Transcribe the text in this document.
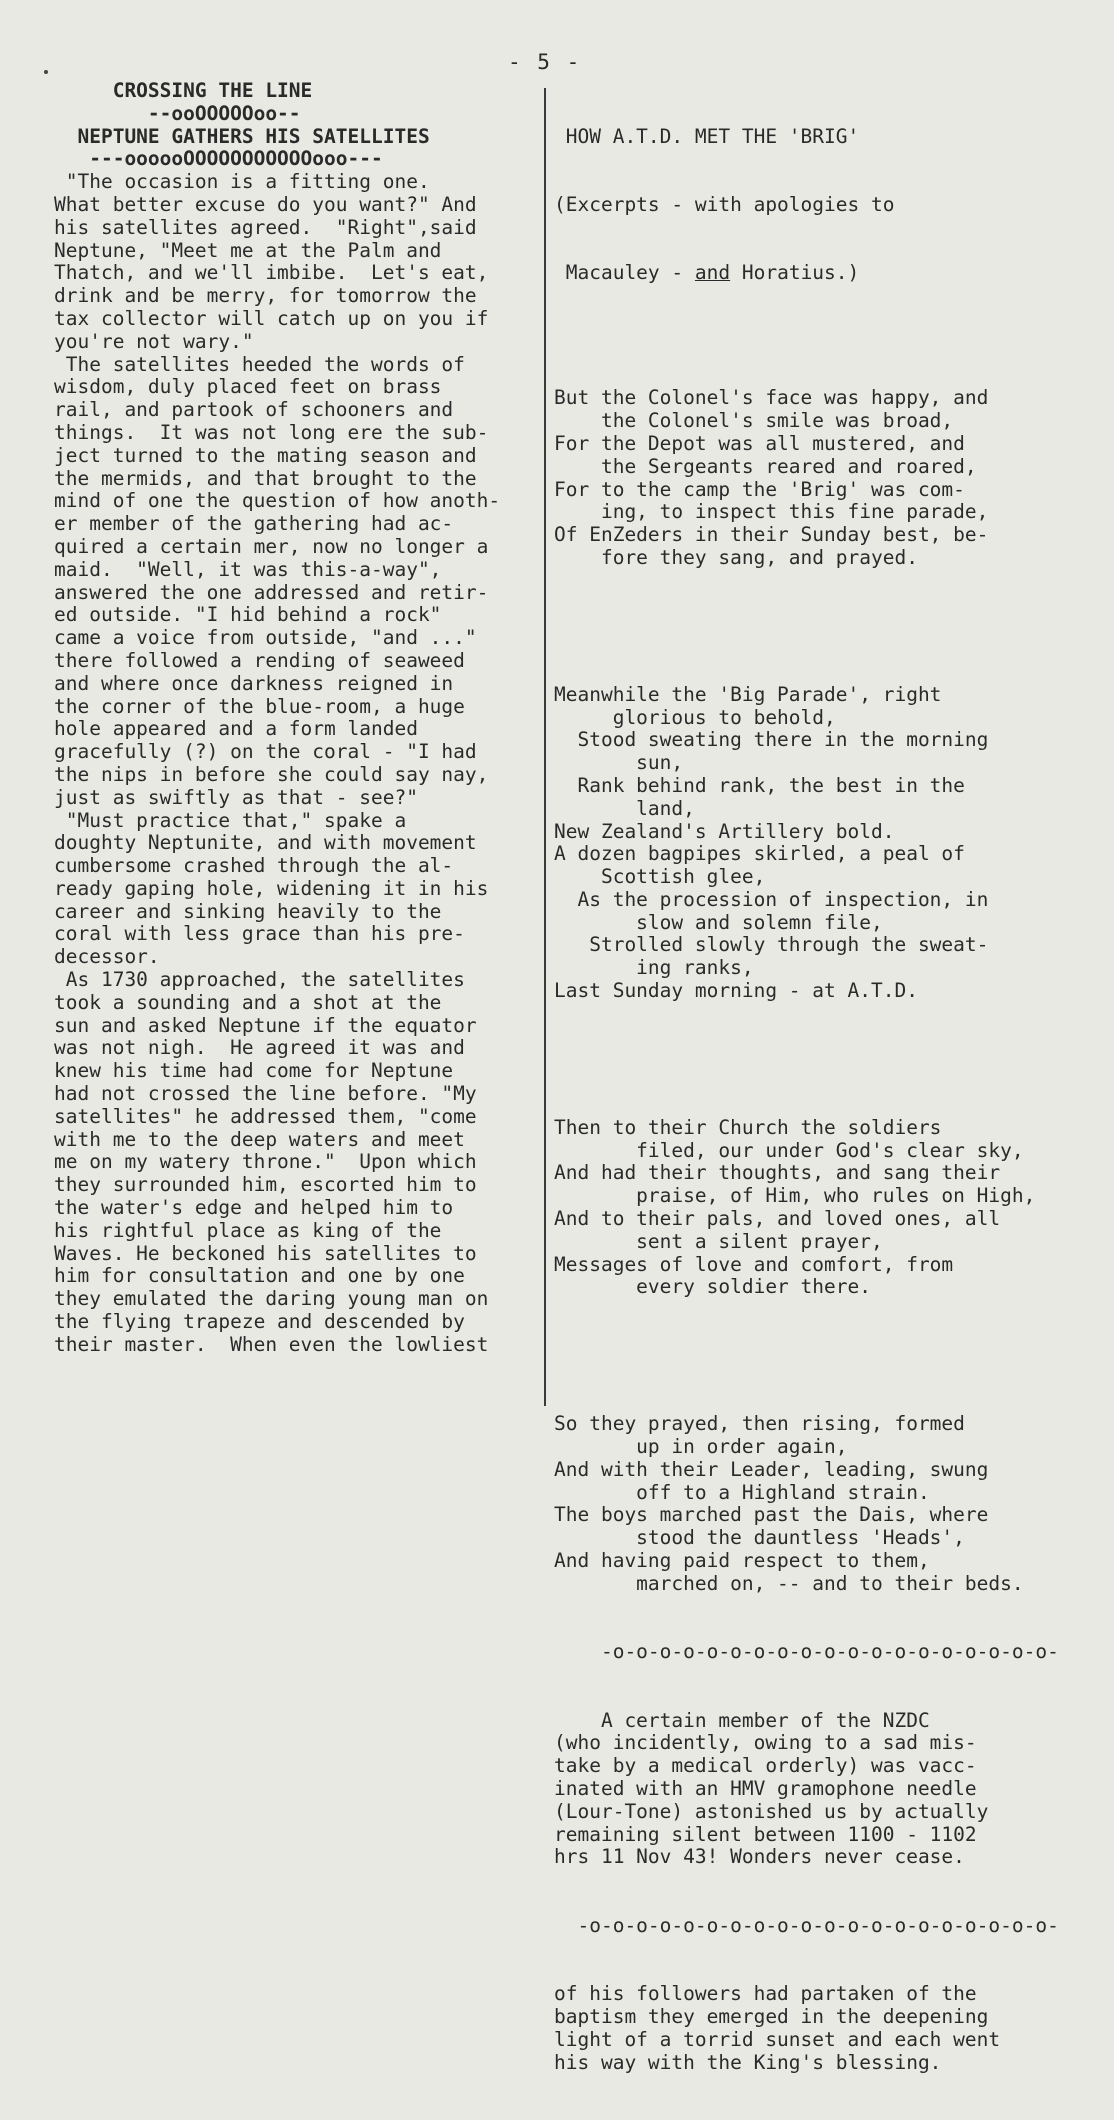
- 5 -
CROSSING THE LINE
--ooOOOOOoo--
NEPTUNE GATHERS HIS SATELLITES
---oooooOOOOOOOOOOOooo---
"The occasion is a fitting one.
What better excuse do you want?" And
his satellites agreed.  "Right",said
Neptune, "Meet me at the Palm and
Thatch, and we'll imbibe.  Let's eat,
drink and be merry, for tomorrow the
tax collector will catch up on you if
you're not wary."
The satellites heeded the words of
wisdom, duly placed feet on brass
rail, and partook of schooners and
things.  It was not long ere the sub-
ject turned to the mating season and
the mermids, and that brought to the
mind of one the question of how anoth-
er member of the gathering had ac-
quired a certain mer, now no longer a
maid.  "Well, it was this-a-way",
answered the one addressed and retir-
ed outside. "I hid behind a rock"
came a voice from outside, "and ..."
there followed a rending of seaweed
and where once darkness reigned in
the corner of the blue-room, a huge
hole appeared and a form landed
gracefully (?) on the coral - "I had
the nips in before she could say nay,
just as swiftly as that - see?"
"Must practice that," spake a
doughty Neptunite, and with movement
cumbersome crashed through the al-
ready gaping hole, widening it in his
career and sinking heavily to the
coral with less grace than his pre-
decessor.
As 1730 approached, the satellites
took a sounding and a shot at the
sun and asked Neptune if the equator
was not nigh.  He agreed it was and
knew his time had come for Neptune
had not crossed the line before. "My
satellites" he addressed them, "come
with me to the deep waters and meet
me on my watery throne."  Upon which
they surrounded him, escorted him to
the water's edge and helped him to
his rightful place as king of the
Waves. He beckoned his satellites to
him for consultation and one by one
they emulated the daring young man on
the flying trapeze and descended by
their master.  When even the lowliest

HOW A.T.D. MET THE 'BRIG'

(Excerpts - with apologies to

Macauley - and Horatius.)

But the Colonel's face was happy, and
the Colonel's smile was broad,
For the Depot was all mustered, and
the Sergeants reared and roared,
For to the camp the 'Brig' was com-
ing, to inspect this fine parade,
Of EnZeders in their Sunday best, be-
fore they sang, and prayed.

Meanwhile the 'Big Parade', right
glorious to behold,
Stood sweating there in the morning
sun,
Rank behind rank, the best in the
land,
New Zealand's Artillery bold.
A dozen bagpipes skirled, a peal of
Scottish glee,
As the procession of inspection, in
slow and solemn file,
Strolled slowly through the sweat-
ing ranks,
Last Sunday morning - at A.T.D.

Then to their Church the soldiers
filed, our under God's clear sky,
And had their thoughts, and sang their
praise, of Him, who rules on High,
And to their pals, and loved ones, all
sent a silent prayer,
Messages of love and comfort, from
every soldier there.

So they prayed, then rising, formed
up in order again,
And with their Leader, leading, swung
off to a Highland strain.
The boys marched past the Dais, where
stood the dauntless 'Heads',
And having paid respect to them,
marched on, -- and to their beds.

-o-o-o-o-o-o-o-o-o-o-o-o-o-o-o-o-o-o-o-

A certain member of the NZDC
(who incidently, owing to a sad mis-
take by a medical orderly) was vacc-
inated with an HMV gramophone needle
(Lour-Tone) astonished us by actually
remaining silent between 1100 - 1102
hrs 11 Nov 43! Wonders never cease.

-o-o-o-o-o-o-o-o-o-o-o-o-o-o-o-o-o-o-o-o-

of his followers had partaken of the
baptism they emerged in the deepening
light of a torrid sunset and each went
his way with the King's blessing.
